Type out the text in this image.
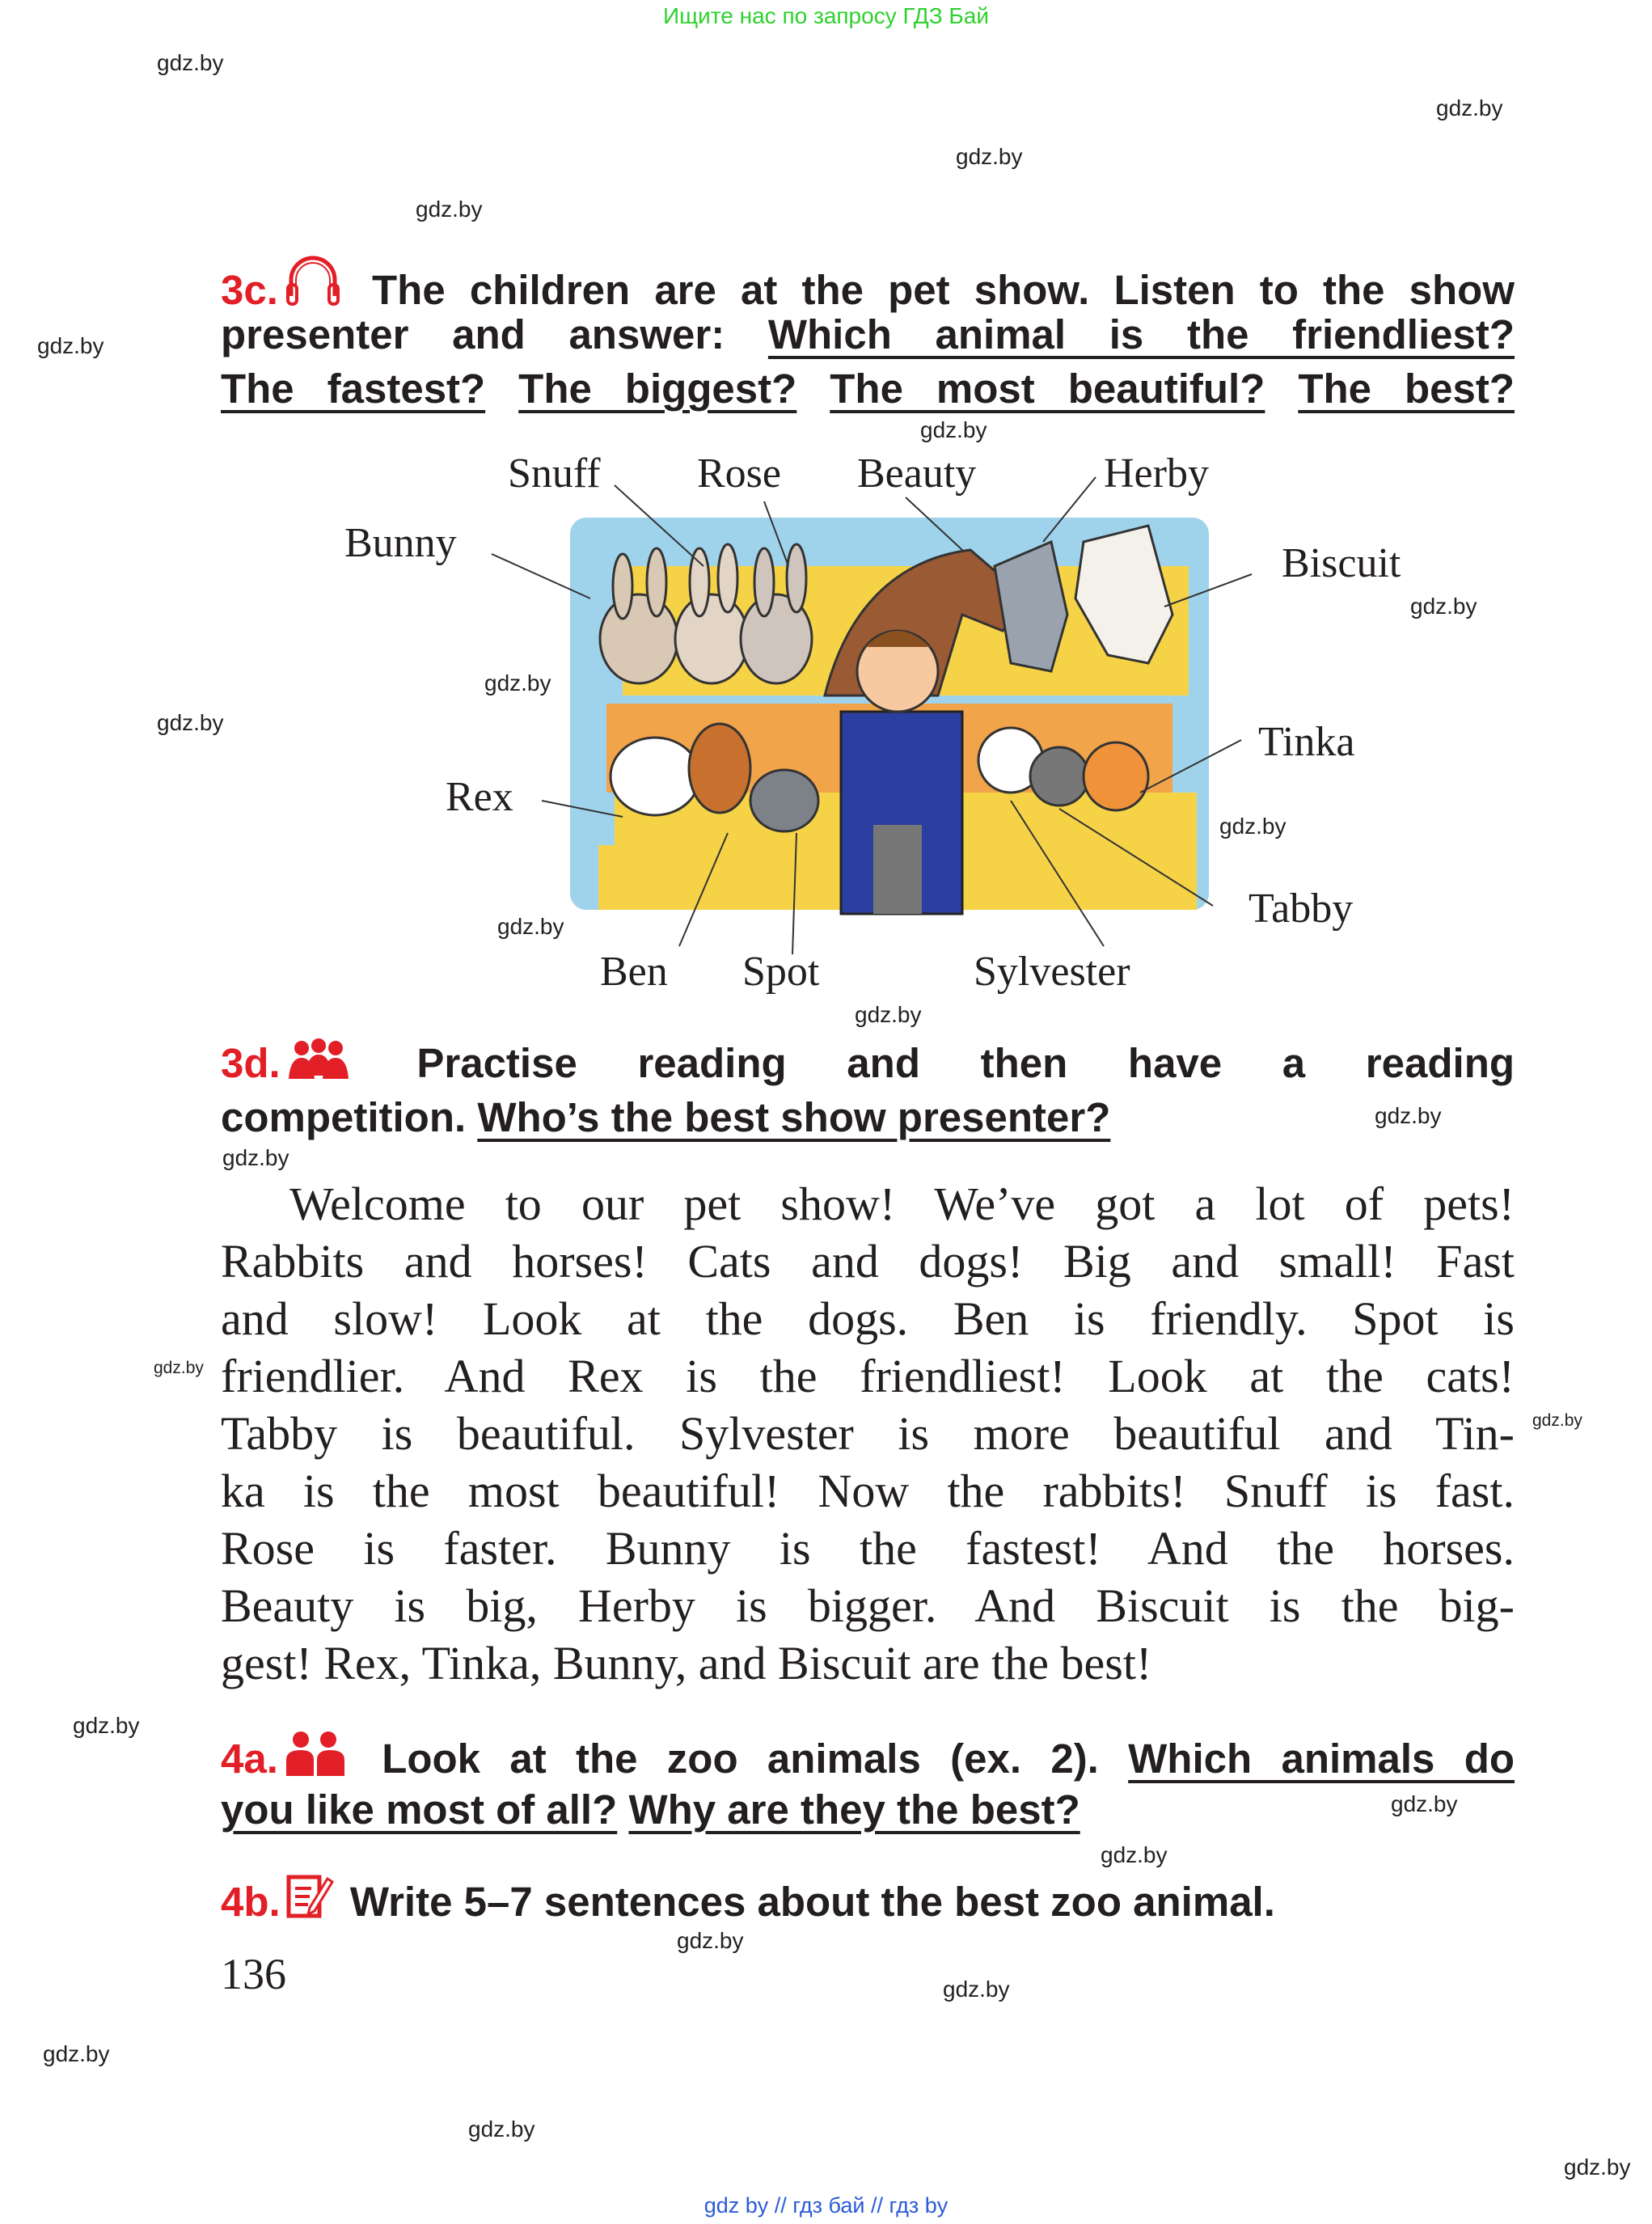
Ищите нас по запросу ГДЗ Бай
gdz.by
gdz.by
gdz.by
gdz.by
gdz.by
gdz.by
gdz.by
gdz.by
gdz.by
gdz.by
gdz.by
gdz.by
gdz.by
gdz.by
gdz.by
gdz.by
gdz.by
gdz.by
gdz.by
gdz.by
gdz.by
gdz.by
gdz.by
gdz.by
3c. The children are at the pet show. Listen to the show
presenter and answer: Which animal is the friendliest?
The fastest? The biggest? The most beautiful? The best?
Snuff Rose Beauty	Herby
Bunny	Biscuit
Tinka
Rex
Tabby
Ben Spot	Sylvester
3d.	Practise reading and then have a reading
competition. Who’s the best show presenter?
Welcome to our pet show! We’ve got a lot of pets!
Rabbits and horses! Cats and dogs! Big and small! Fast
and slow! Look at the dogs. Ben is friendly. Spot is
friendlier. And Rex is the friendliest! Look at the cats!
Tabby is beautiful. Sylvester is more beautiful and Tin-
ka is the most beautiful! Now the rabbits! Snuff is fast.
Rose is faster. Bunny is the fastest! And the horses.
Beauty is big, Herby is bigger. And Biscuit is the big-
gest! Rex, Tinka, Bunny, and Biscuit are the best!
4a.	Look at the zoo animals (ex. 2). Which animals do
you like most of all? Why are they the best?
4b. Write 5–7 sentences about the best zoo animal.
136
gdz by // гдз бай // гдз by
